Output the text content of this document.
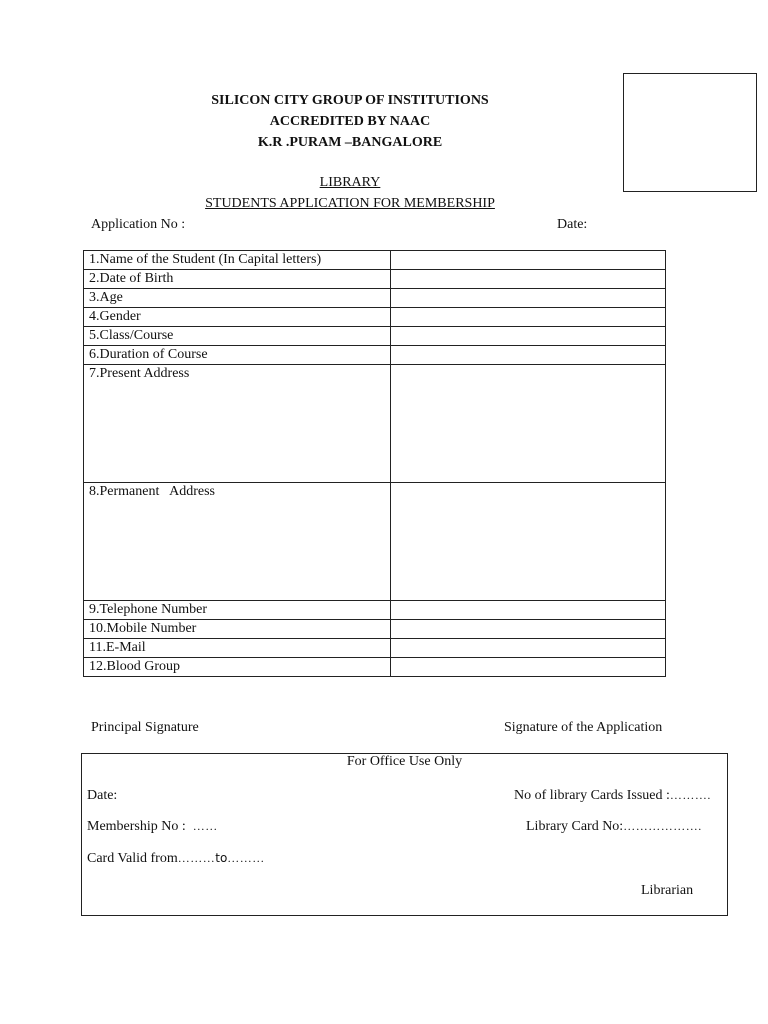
SILICON CITY GROUP OF INSTITUTIONS
ACCREDITED BY NAAC
K.R .PURAM –BANGALORE
LIBRARY
STUDENTS APPLICATION FOR MEMBERSHIP
Application No :	Date:
1.Name of the Student (In Capital letters)	
2.Date of Birth	
3.Age	
4.Gender	
5.Class/Course	
6.Duration of Course	
7.Present Address	
8.Permanent   Address	
9.Telephone Number	
10.Mobile Number	
11.E-Mail	
12.Blood Group	
Principal Signature	Signature of the Application
For Office Use Only
Date:	No of library Cards Issued :……….
Membership No : ……	Library Card No:……………….
Card Valid from………to………
Librarian
